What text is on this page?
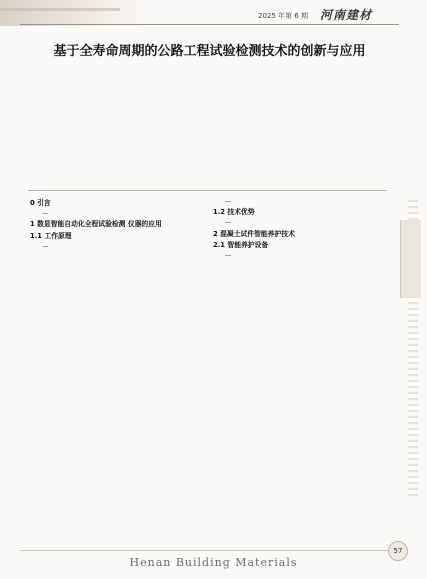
2025 年第 6 期 河南建材
基于全寿命周期的公路工程试验检测技术的创新与应用
0 引言

—

1 数显智能自动化全程试验检测 仪器的应用
1.1 工作原理

—

—

1.2 技术优势

—

2 混凝土试件智能养护技术
2.1 智能养护设备

—

57
Henan Building Materials
